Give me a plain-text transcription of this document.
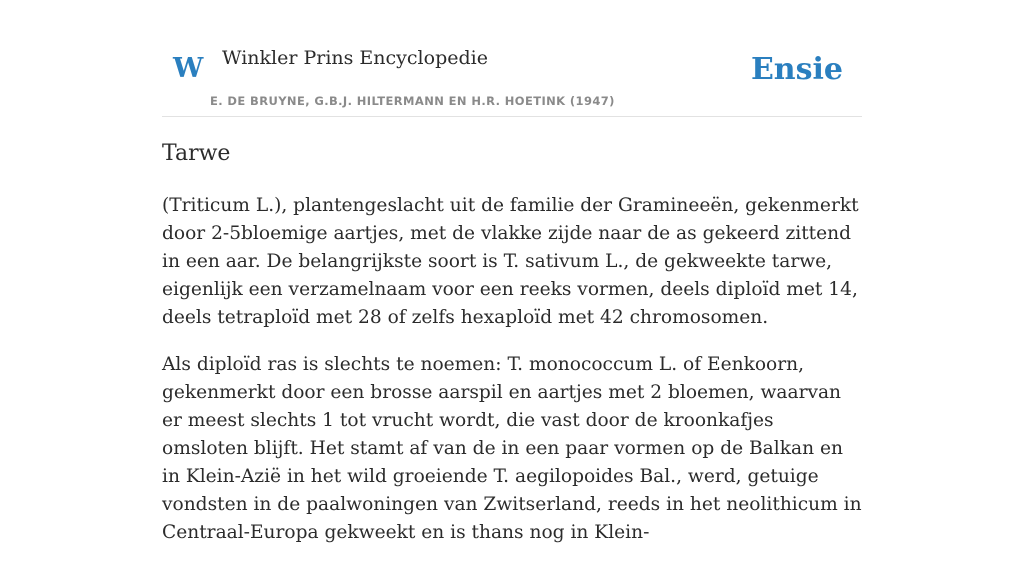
W Winkler Prins Encyclopedie
E. DE BRUYNE, G.B.J. HILTERMANN EN H.R. HOETINK (1947)
Ensie
Tarwe

(Triticum L.), plantengeslacht uit de familie der Gramineeën, gekenmerkt door 2-5bloemige aartjes, met de vlakke zijde naar de as gekeerd zittend in een aar. De belangrijkste soort is T. sativum L., de gekweekte tarwe, eigenlijk een verzamelnaam voor een reeks vormen, deels diploïd met 14, deels tetraploïd met 28 of zelfs hexaploïd met 42 chromosomen.

Als diploïd ras is slechts te noemen: T. monococcum L. of Eenkoorn, gekenmerkt door een brosse aarspil en aartjes met 2 bloemen, waarvan er meest slechts 1 tot vrucht wordt, die vast door de kroonkafjes omsloten blijft. Het stamt af van de in een paar vormen op de Balkan en in Klein-Azië in het wild groeiende T. aegilopoides Bal., werd, getuige vondsten in de paalwoningen van Zwitserland, reeds in het neolithicum in Centraal-Europa gekweekt en is thans nog in Klein-
